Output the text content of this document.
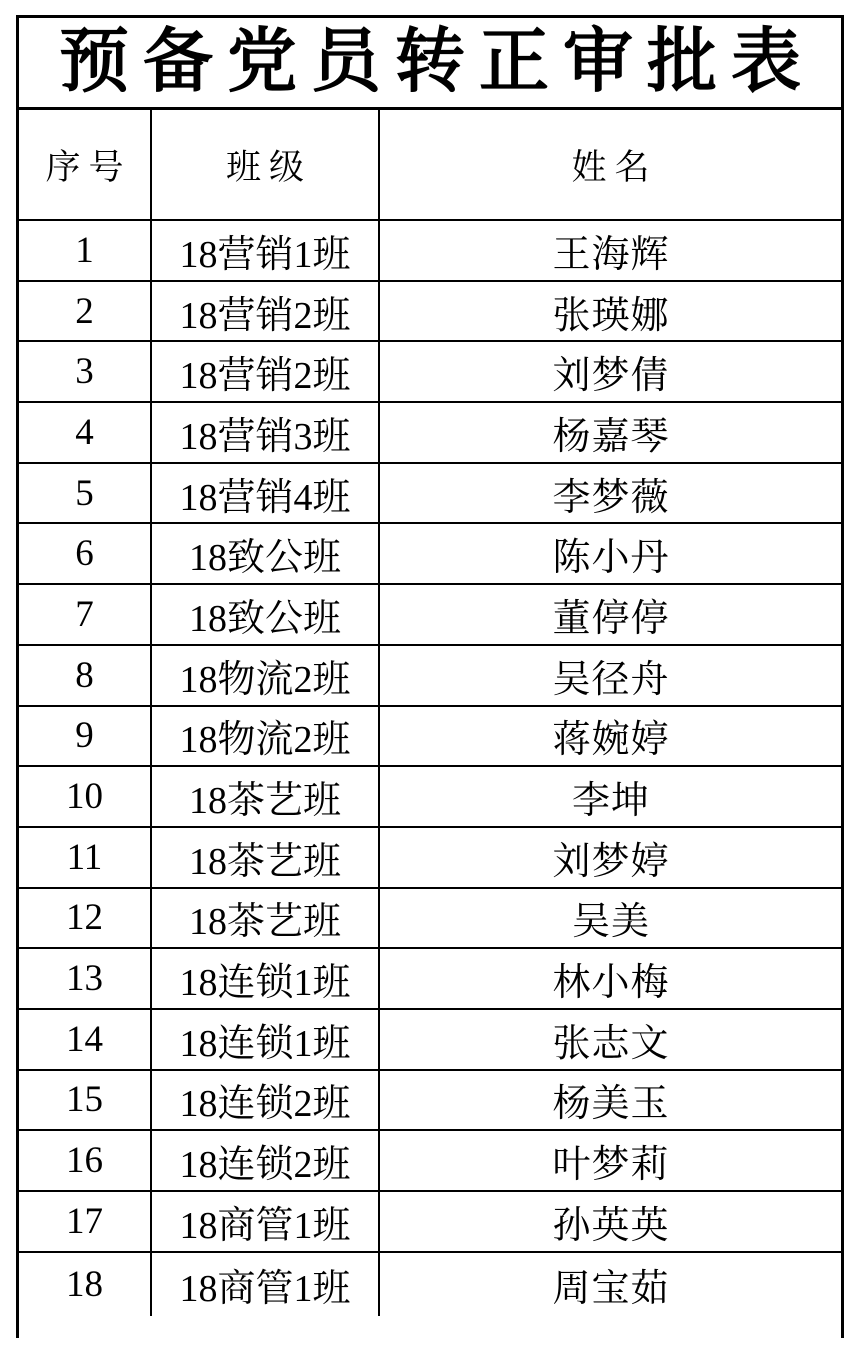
预备党员转正审批表
序号	班级	姓名
1	18营销1班	王海辉
2	18营销2班	张瑛娜
3	18营销2班	刘梦倩
4	18营销3班	杨嘉琴
5	18营销4班	李梦薇
6	18致公班	陈小丹
7	18致公班	董停停
8	18物流2班	吴径舟
9	18物流2班	蒋婉婷
10	18茶艺班	李坤
11	18茶艺班	刘梦婷
12	18茶艺班	吴美
13	18连锁1班	林小梅
14	18连锁1班	张志文
15	18连锁2班	杨美玉
16	18连锁2班	叶梦莉
17	18商管1班	孙英英
18	18商管1班	周宝茹
